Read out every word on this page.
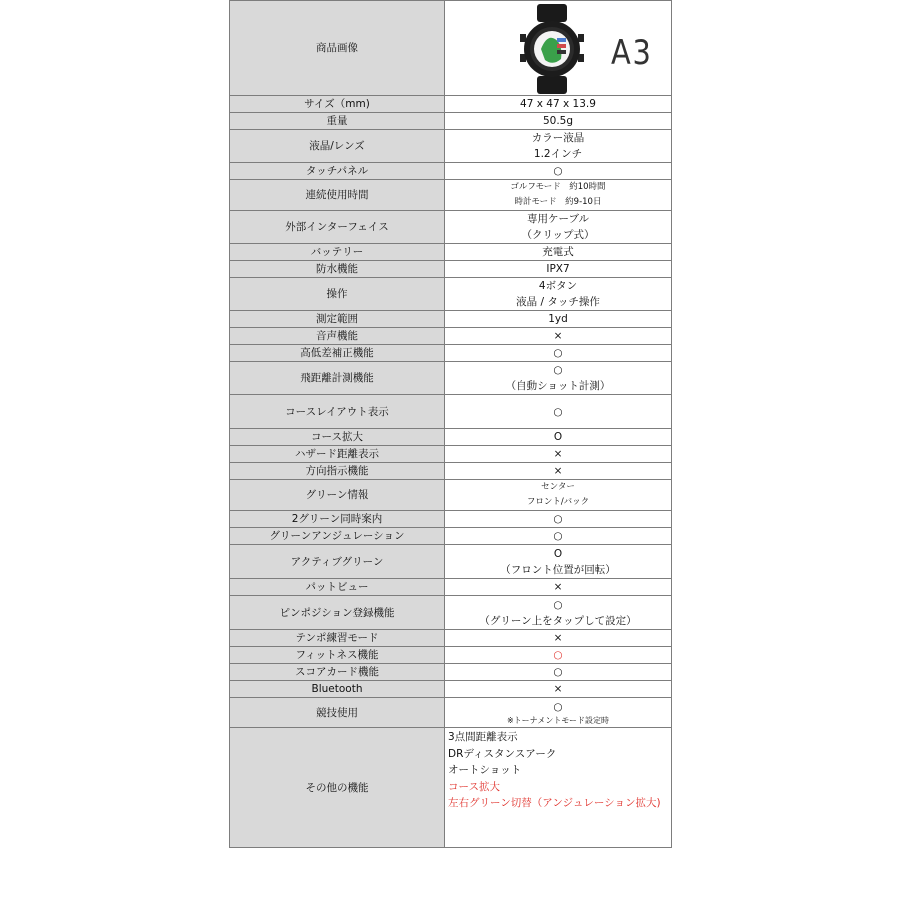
商品画像	A3

サイズ（mm)	47 x 47 x 13.9

重量	50.5g

液晶/レンズ	カラー液晶
1.2インチ

タッチパネル	○

連続使用時間	ゴルフモード　約10時間
時計モード　約9-10日

外部インターフェイス	専用ケーブル
（クリップ式）

バッテリー	充電式

防水機能	IPX7

操作	4ボタン
液晶 / タッチ操作

測定範囲	1yd

音声機能	×

高低差補正機能	○

飛距離計測機能	○
（自動ショット計測）

コースレイアウト表示	○

コース拡大	O

ハザード距離表示	×

方向指示機能	×

グリーン情報	センター
フロント/バック

2グリーン同時案内	○

グリーンアンジュレーション	○

アクティブグリーン	O
（フロント位置が回転）

パットビュー	×

ピンポジション登録機能	○
（グリーン上をタップして設定）

テンポ練習モード	×

フィットネス機能	○

スコアカード機能	○

Bluetooth	×

競技使用	○
※トーナメントモード設定時

その他の機能	3点間距離表示
DRディスタンスアーク
オートショット
コース拡大
左右グリーン切替（アンジュレーション拡大)
